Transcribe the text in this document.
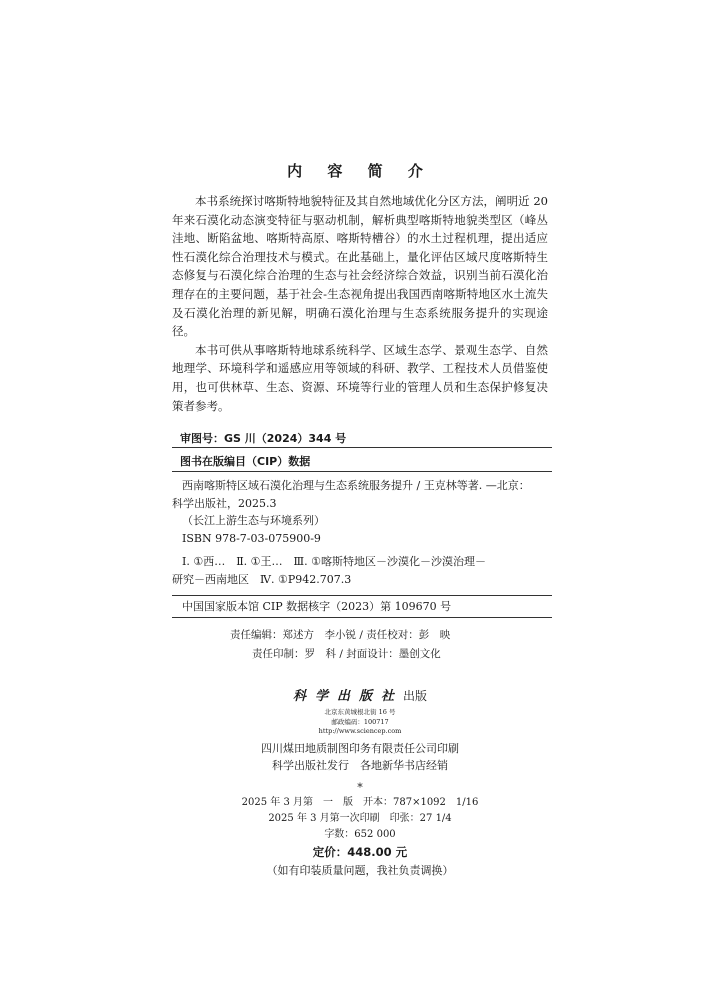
内 容 简 介

本书系统探讨喀斯特地貌特征及其自然地域优化分区方法，阐明近 20 年来石漠化动态演变特征与驱动机制，解析典型喀斯特地貌类型区（峰丛洼地、断陷盆地、喀斯特高原、喀斯特槽谷）的水土过程机理，提出适应性石漠化综合治理技术与模式。在此基础上，量化评估区域尺度喀斯特生态修复与石漠化综合治理的生态与社会经济综合效益，识别当前石漠化治理存在的主要问题，基于社会-生态视角提出我国西南喀斯特地区水土流失及石漠化治理的新见解，明确石漠化治理与生态系统服务提升的实现途径。

本书可供从事喀斯特地球系统科学、区域生态学、景观生态学、自然地理学、环境科学和遥感应用等领域的科研、教学、工程技术人员借鉴使用，也可供林草、生态、资源、环境等行业的管理人员和生态保护修复决策者参考。

审图号：GS 川（2024）344 号
图书在版编目（CIP）数据
西南喀斯特区域石漠化治理与生态系统服务提升 / 王克林等著. —北京：
科学出版社，2025.3
（长江上游生态与环境系列）
ISBN 978-7-03-075900-9
Ⅰ. ①西…　Ⅱ. ①王…　Ⅲ. ①喀斯特地区－沙漠化－沙漠治理－
研究－西南地区　Ⅳ. ①P942.707.3
中国国家版本馆 CIP 数据核字（2023）第 109670 号
责任编辑：郑述方　李小锐 / 责任校对：彭　映
责任印制：罗　科 / 封面设计：墨创文化
科学出版社出版
北京东黄城根北街 16 号
邮政编码：100717
http://www.sciencep.com
四川煤田地质制图印务有限责任公司印刷
科学出版社发行　各地新华书店经销
*
2025 年 3 月第　一　版　开本：787×1092　1/16
2025 年 3 月第一次印刷　印张：27 1/4
字数：652 000
定价：448.00 元
（如有印装质量问题，我社负责调换）
